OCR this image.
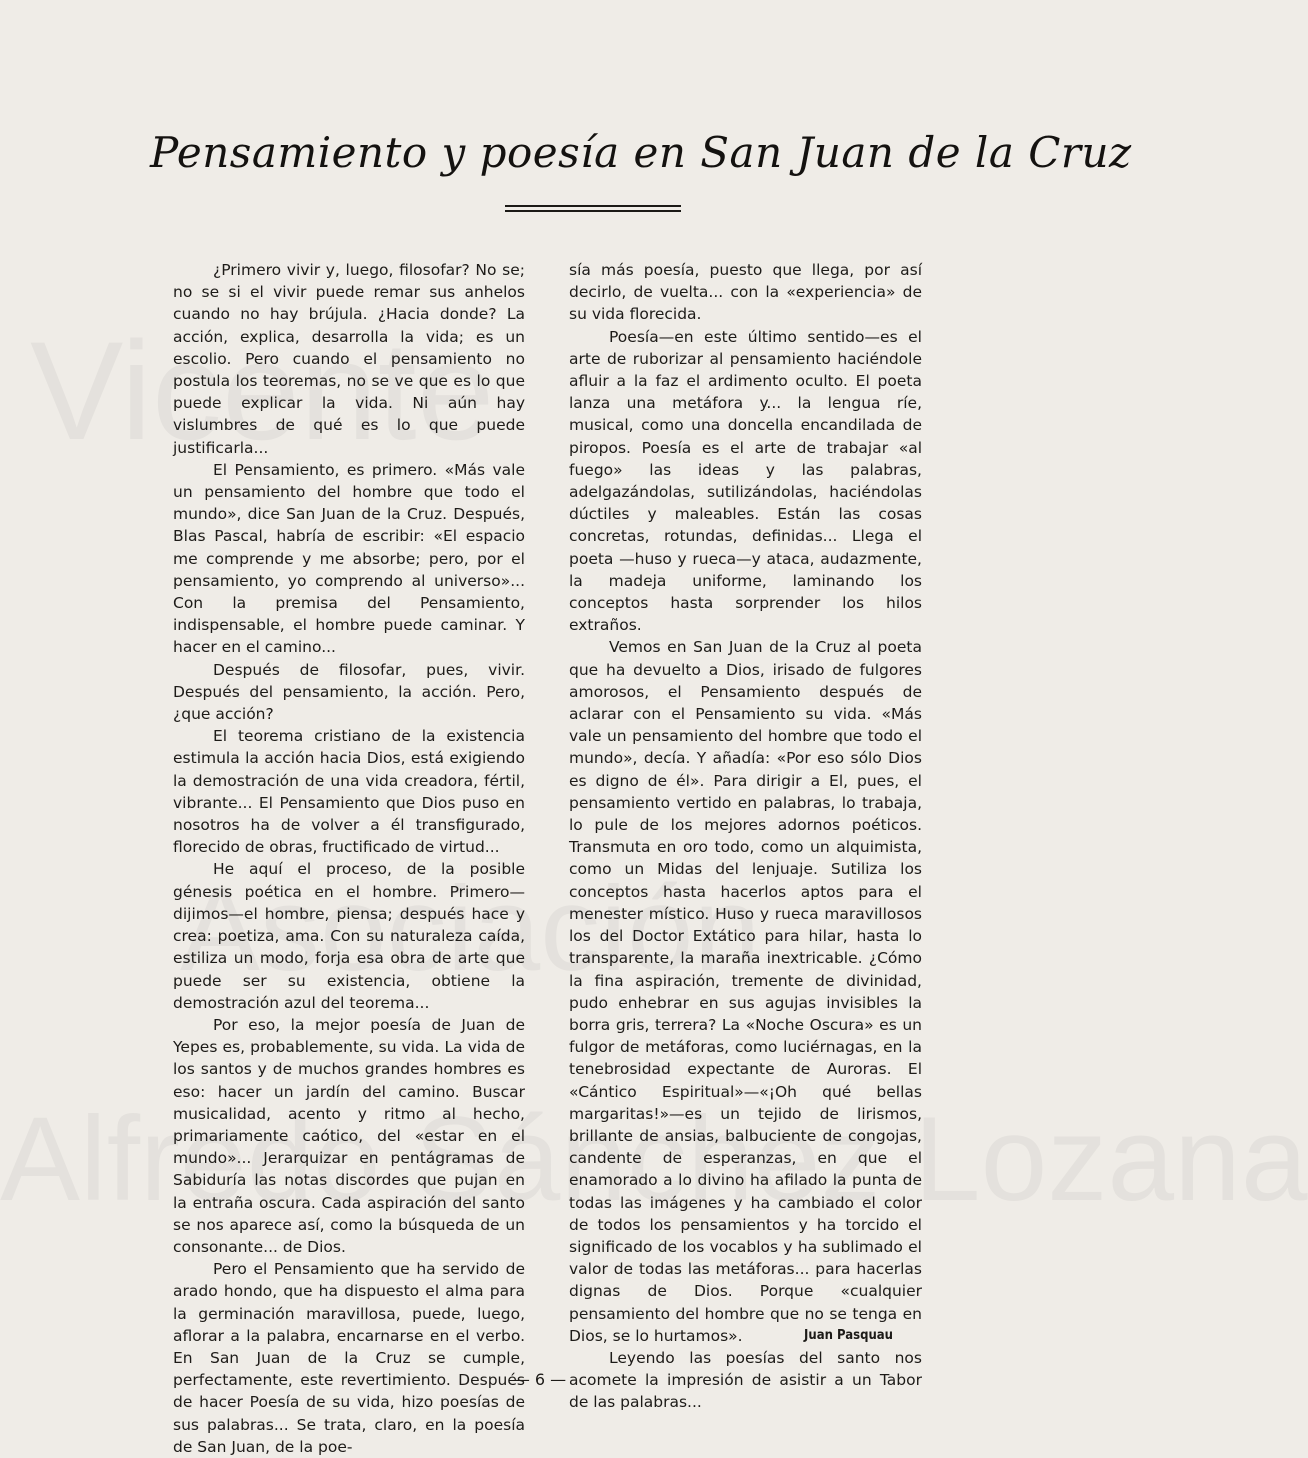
Pensamiento y poesía en San Juan de la Cruz

¿Primero vivir y, luego, filosofar? No se; no se si el vivir puede remar sus anhelos cuando no hay brújula. ¿Hacia donde? La acción, explica, desarrolla la vida; es un escolio. Pero cuando el pensamiento no postula los teoremas, no se ve que es lo que puede explicar la vida. Ni aún hay vislumbres de qué es lo que puede justificarla...

El Pensamiento, es primero. «Más vale un pensamiento del hombre que todo el mundo», dice San Juan de la Cruz. Después, Blas Pascal, habría de escribir: «El espacio me comprende y me absorbe; pero, por el pensamiento, yo comprendo al universo»... Con la premisa del Pensamiento, indispensable, el hombre puede caminar. Y hacer en el camino...

Después de filosofar, pues, vivir. Después del pensamiento, la acción. Pero, ¿que acción?

El teorema cristiano de la existencia estimula la acción hacia Dios, está exigiendo la demostración de una vida creadora, fértil, vibrante... El Pensamiento que Dios puso en nosotros ha de volver a él transfigurado, florecido de obras, fructificado de virtud...

He aquí el proceso, de la posible génesis poética en el hombre. Primero—dijimos—el hombre, piensa; después hace y crea: poetiza, ama. Con su naturaleza caída, estiliza un modo, forja esa obra de arte que puede ser su existencia, obtiene la demostración azul del teorema...

Por eso, la mejor poesía de Juan de Yepes es, probablemente, su vida. La vida de los santos y de muchos grandes hombres es eso: hacer un jardín del camino. Buscar musicalidad, acento y ritmo al hecho, primariamente caótico, del «estar en el mundo»... Jerarquizar en pentágramas de Sabiduría las notas discordes que pujan en la entraña oscura. Cada aspiración del santo se nos aparece así, como la búsqueda de un consonante... de Dios.

Pero el Pensamiento que ha servido de arado hondo, que ha dispuesto el alma para la germinación maravillosa, puede, luego, aflorar a la palabra, encarnarse en el verbo. En San Juan de la Cruz se cumple, perfectamente, este revertimiento. Después de hacer Poesía de su vida, hizo poesías de sus palabras... Se trata, claro, en la poesía de San Juan, de la poe-

sía más poesía, puesto que llega, por así decirlo, de vuelta... con la «experiencia» de su vida florecida.

Poesía—en este último sentido—es el arte de ruborizar al pensamiento haciéndole afluir a la faz el ardimento oculto. El poeta lanza una metáfora y... la lengua ríe, musical, como una doncella encandilada de piropos. Poesía es el arte de trabajar «al fuego» las ideas y las palabras, adelgazándolas, sutilizándolas, haciéndolas dúctiles y maleables. Están las cosas concretas, rotundas, definidas... Llega el poeta —huso y rueca—y ataca, audazmente, la madeja uniforme, laminando los conceptos hasta sorprender los hilos extraños.

Vemos en San Juan de la Cruz al poeta que ha devuelto a Dios, irisado de fulgores amorosos, el Pensamiento después de aclarar con el Pensamiento su vida. «Más vale un pensamiento del hombre que todo el mundo», decía. Y añadía: «Por eso sólo Dios es digno de él». Para dirigir a El, pues, el pensamiento vertido en palabras, lo trabaja, lo pule de los mejores adornos poéticos. Transmuta en oro todo, como un alquimista, como un Midas del lenjuaje. Sutiliza los conceptos hasta hacerlos aptos para el menester místico. Huso y rueca maravillosos los del Doctor Extático para hilar, hasta lo transparente, la maraña inextricable. ¿Cómo la fina aspiración, tremente de divinidad, pudo enhebrar en sus agujas invisibles la borra gris, terrera? La «Noche Oscura» es un fulgor de metáforas, como luciérnagas, en la tenebrosidad expectante de Auroras. El «Cántico Espiritual»—«¡Oh qué bellas margaritas!»—es un tejido de lirismos, brillante de ansias, balbuciente de congojas, candente de esperanzas, en que el enamorado a lo divino ha afilado la punta de todas las imágenes y ha cambiado el color de todos los pensamientos y ha torcido el significado de los vocablos y ha sublimado el valor de todas las metáforas... para hacerlas dignas de Dios. Porque «cualquier pensamiento del hombre que no se tenga en Dios, se lo hurtamos».

Leyendo las poesías del santo nos acomete la impresión de asistir a un Tabor de las palabras...

Juan Pasquau
— 6 —
